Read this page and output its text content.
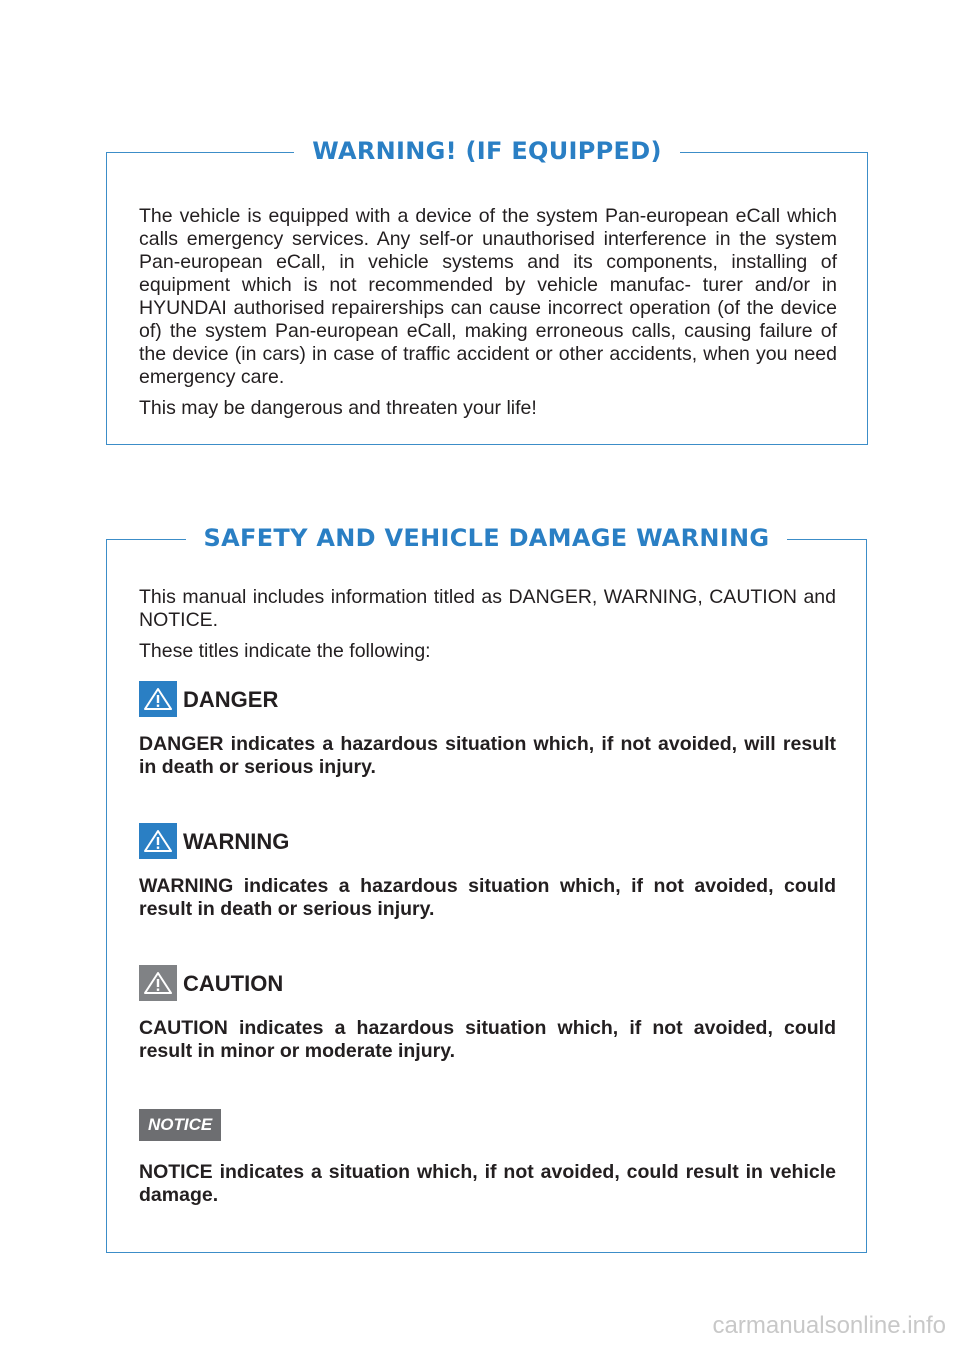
WARNING! (IF EQUIPPED)

The vehicle is equipped with a device of the system Pan-european eCall which calls emergency services. Any self-or unauthorised interference in the system Pan-european eCall, in vehicle systems and its components, installing of equipment which is not recommended by vehicle manufac- turer and/or in HYUNDAI authorised repairerships can cause incorrect operation (of the device of) the system Pan-european eCall, making erroneous calls, causing failure of the device (in cars) in case of traffic accident or other accidents, when you need emergency care.

This may be dangerous and threaten your life!

SAFETY AND VEHICLE DAMAGE WARNING

This manual includes information titled as DANGER, WARNING, CAUTION and NOTICE.

These titles indicate the following:

DANGER

DANGER indicates a hazardous situation which, if not avoided, will result in death or serious injury.

WARNING

WARNING indicates a hazardous situation which, if not avoided, could result in death or serious injury.

CAUTION

CAUTION indicates a hazardous situation which, if not avoided, could result in minor or moderate injury.

NOTICE

NOTICE indicates a situation which, if not avoided, could result in vehicle damage.

carmanualsonline.info
